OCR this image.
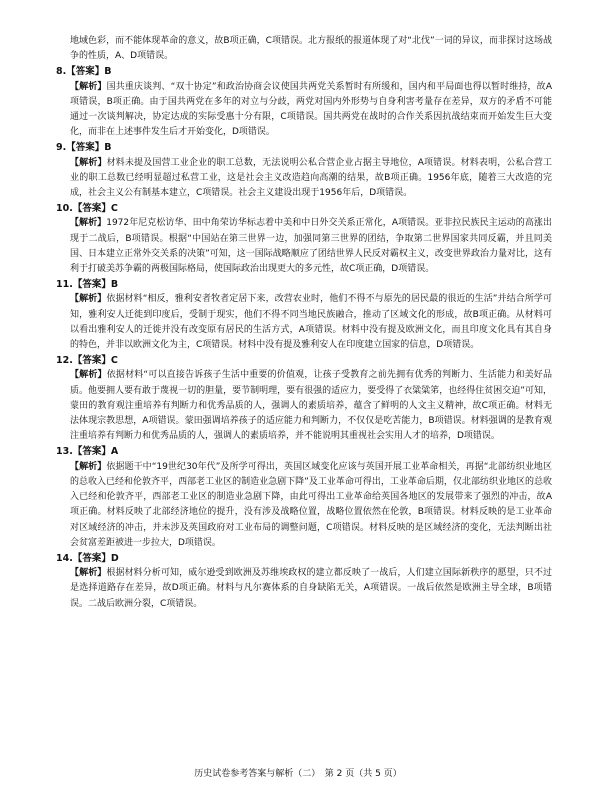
地域色彩，而不能体现革命的意义，故B项正确，C项错误。北方报纸的报道体现了对“北伐”一词的异议，而非探讨这场战争的性质，A、D项错误。

8.【答案】B

【解析】国共重庆谈判、“双十协定”和政治协商会议使国共两党关系暂时有所缓和，国内和平局面也得以暂时维持，故A项错误，B项正确。由于国共两党在多年的对立与分歧，两党对国内外形势与自身利害考量存在差异，双方的矛盾不可能通过一次谈判解决，协定达成的实际受惠十分有限，C项错误。国共两党在战时的合作关系因抗战结束而开始发生巨大变化，而非在上述事件发生后才开始变化，D项错误。

9.【答案】B

【解析】材料未提及国营工业企业的职工总数，无法说明公私合营企业占据主导地位，A项错误。材料表明，公私合营工业的职工总数已经明显超过私营工业，这是社会主义改造趋向高潮的结果，故B项正确。1956年底，随着三大改造的完成，社会主义公有制基本建立，C项错误。社会主义建设出现于1956年后，D项错误。

10.【答案】C

【解析】1972年尼克松访华、田中角荣访华标志着中美和中日外交关系正常化，A项错误。亚非拉民族民主运动的高涨出现于二战后，B项错误。根据“中国站在第三世界一边，加强同第三世界的团结，争取第二世界国家共同反霸，并且同美国、日本建立正常外交关系的决策”可知，这一国际战略顺应了团结世界人民反对霸权主义，改变世界政治力量对比，这有利于打破美苏争霸的两极国际格局，使国际政治出现更大的多元性，故C项正确，D项错误。

11.【答案】B

【解析】依据材料“相反，雅利安者牧者定居下来，改营农业时，他们不得不与原先的居民最的很近的生活”并结合所学可知，雅利安人迁徙到印度后，受制于现实，他们不得不同当地民族融合，推动了区域文化的形成，故B项正确。从材料可以看出雅利安人的迁徙并没有改变原有居民的生活方式，A项错误。材料中没有提及欧洲文化，而且印度文化具有其自身的特色，并非以欧洲文化为主，C项错误。材料中没有提及雅利安人在印度建立国家的信息，D项错误。

12.【答案】C

【解析】依据材料“可以直接告诉孩子生活中重要的价值观，让孩子受教育之前先拥有优秀的判断力、生活能力和美好品质。他要拥人要有敢于蔑视一切的胆量，要节制明理，要有很强的适应力，要受得了衣粱粱笫，也经得住贫困交迫”可知，蒙田的教育观注重培养有判断力和优秀品质的人，强调人的素质培养，蕴含了鲜明的人文主义精神，故C项正确。材料无法体现宗教思想，A项错误。蒙田强调培养孩子的适应能力和判断力，不仅仅是吃苦能力，B项错误。材料强调的是教育观注重培养有判断力和优秀品质的人，强调人的素质培养，并不能说明其重视社会实用人才的培养，D项错误。

13.【答案】A

【解析】依据题干中“19世纪30年代”及所学可得出，英国区域变化应该与英国开展工业革命相关，再据“北部纺织业地区的总收入已经和伦敦齐平，西部老工业区的制造业急剧下降”及工业革命可得出，工业革命后期，仅北部纺织业地区的总收入已经和伦敦齐平，西部老工业区的制造业急剧下降，由此可得出工业革命给英国各地区的发展带来了强烈的冲击，故A项正确。材料反映了北部经济地位的提升，没有涉及战略位置，战略位置依然在伦敦，B项错误。材料反映的是工业革命对区域经济的冲击，并未涉及英国政府对工业布局的调整问题，C项错误。材料反映的是区域经济的变化，无法判断出社会贫富差距被进一步拉大，D项错误。

14.【答案】D

【解析】根据材料分析可知，威尔逊受到欧洲及苏维埃政权的建立都反映了一战后，人们建立国际新秩序的愿望，只不过是选择道路存在差异，故D项正确。材料与凡尔赛体系的自身缺陷无关，A项错误。一战后依然是欧洲主导全球，B项错误。二战后欧洲分裂，C项错误。

历史试卷参考答案与解析（二）　第 2 页（共 5 页）
